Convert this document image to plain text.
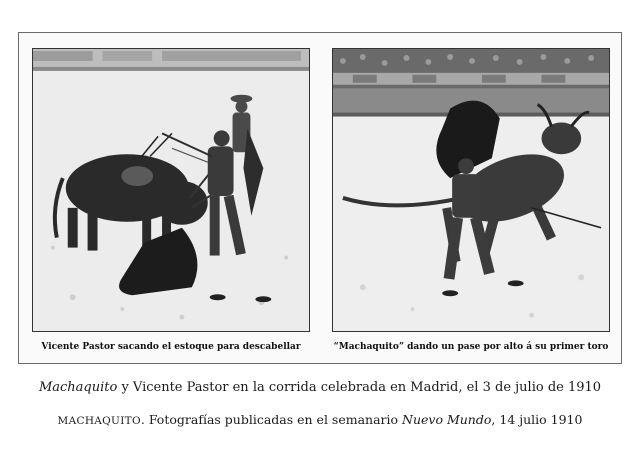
Vicente Pastor sacando el estoque para descabellar	“Machaquito” dando un pase por alto á su primer toro
Machaquito y Vicente Pastor en la corrida celebrada en Madrid, el 3 de julio de 1910
MACHAQUITO. Fotografías publicadas en el semanario Nuevo Mundo, 14 julio 1910
